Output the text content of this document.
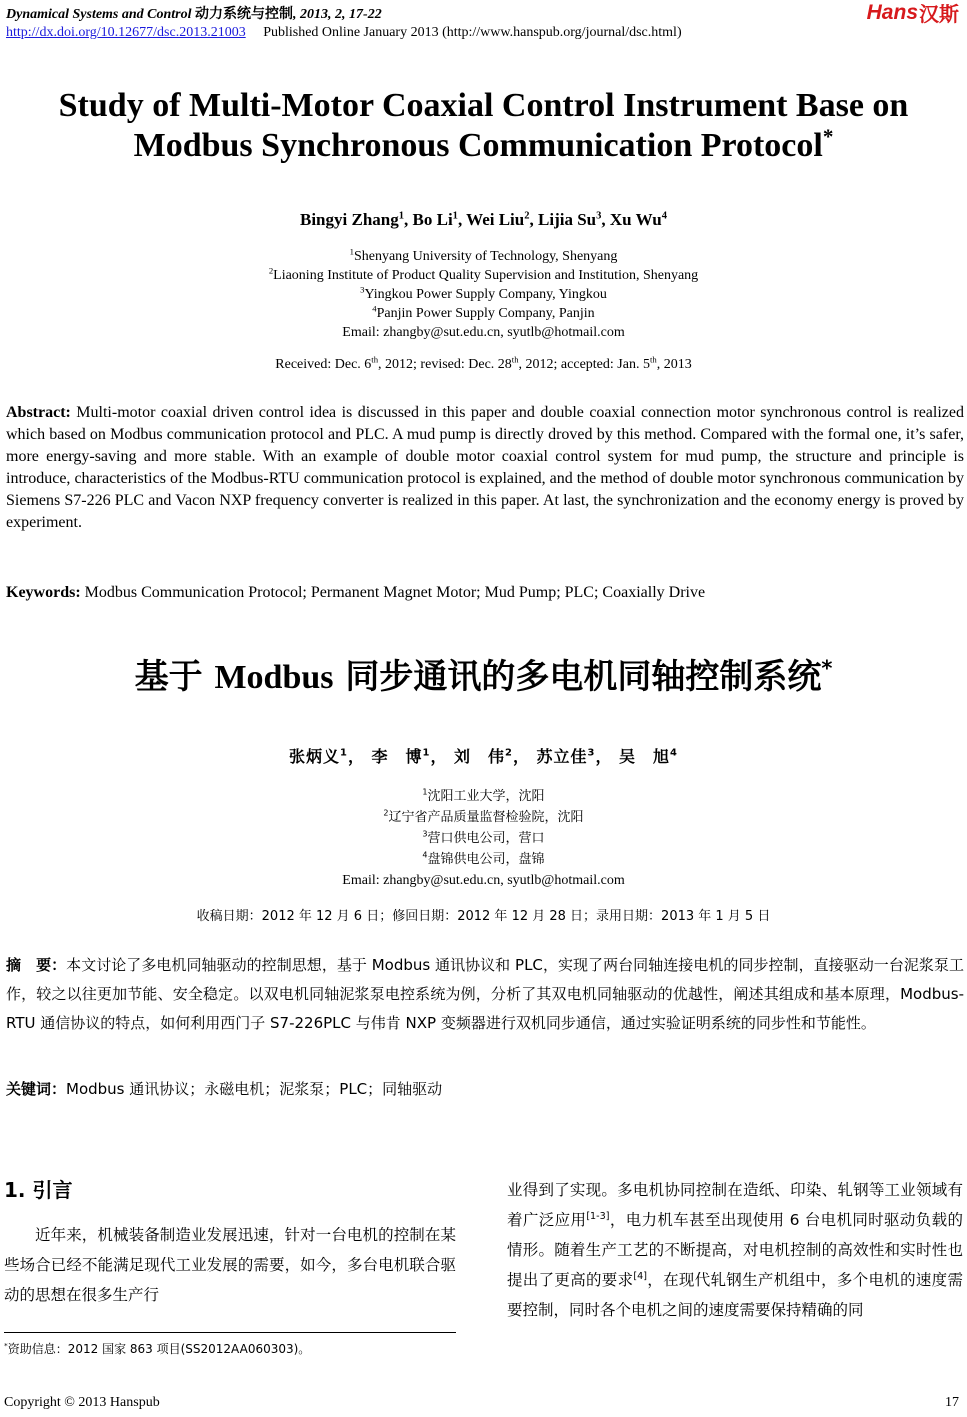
Dynamical Systems and Control 动力系统与控制, 2013, 2, 17-22
http://dx.doi.org/10.12677/dsc.2013.21003 Published Online January 2013 (http://www.hanspub.org/journal/dsc.html)
Hans 汉斯
Study of Multi-Motor Coaxial Control Instrument Base on
Modbus Synchronous Communication Protocol*
Bingyi Zhang$^1$, Bo Li$^1$, Wei Liu$^2$, Lijia Su$^3$, Xu Wu$^4$
$^1$Shenyang University of Technology, Shenyang
$^2$Liaoning Institute of Product Quality Supervision and Institution, Shenyang
$^3$Yingkou Power Supply Company, Yingkou
$^4$Panjin Power Supply Company, Panjin
Email: zhangby@sut.edu.cn, syutlb@hotmail.com
Received: Dec. 6th, 2012; revised: Dec. 28th, 2012; accepted: Jan. 5th, 2013
Abstract: Multi-motor coaxial driven control idea is discussed in this paper and double coaxial connection motor synchronous control is realized which based on Modbus communication protocol and PLC. A mud pump is directly droved by this method. Compared with the formal one, it’s safer, more energy-saving and more stable. With an example of double motor coaxial control system for mud pump, the structure and principle is introduce, characteristics of the Modbus-RTU communication protocol is explained, and the method of double motor synchronous communication by Siemens S7-226 PLC and Vacon NXP frequency converter is realized in this paper. At last, the synchronization and the economy energy is proved by experiment.
Keywords: Modbus Communication Protocol; Permanent Magnet Motor; Mud Pump; PLC; Coaxially Drive
基于 Modbus 同步通讯的多电机同轴控制系统*
张炳义$^1$， 李　博$^1$， 刘　伟$^2$， 苏立佳$^3$， 吴　旭$^4$
$^1$沈阳工业大学，沈阳
$^2$辽宁省产品质量监督检验院，沈阳
$^3$营口供电公司，营口
$^4$盘锦供电公司，盘锦
Email: zhangby@sut.edu.cn, syutlb@hotmail.com
收稿日期：2012 年 12 月 6 日；修回日期：2012 年 12 月 28 日；录用日期：2013 年 1 月 5 日
摘　要：本文讨论了多电机同轴驱动的控制思想，基于 Modbus 通讯协议和 PLC，实现了两台同轴连接电机的同步控制，直接驱动一台泥浆泵工作，较之以往更加节能、安全稳定。以双电机同轴泥浆泵电控系统为例，分析了其双电机同轴驱动的优越性，阐述其组成和基本原理，Modbus-RTU 通信协议的特点，如何利用西门子 S7-226PLC 与伟肯 NXP 变频器进行双机同步通信，通过实验证明系统的同步性和节能性。
关键词：Modbus 通讯协议；永磁电机；泥浆泵；PLC；同轴驱动
1. 引言
近年来，机械装备制造业发展迅速，针对一台电机的控制在某些场合已经不能满足现代工业发展的需要，如今，多台电机联合驱动的思想在很多生产行
业得到了实现。多电机协同控制在造纸、印染、轧钢等工业领域有着广泛应用[1-3]，电力机车甚至出现使用 6 台电机同时驱动负载的情形。随着生产工艺的不断提高，对电机控制的高效性和实时性也提出了更高的要求[4]，在现代轧钢生产机组中，多个电机的速度需要控制，同时各个电机之间的速度需要保持精确的同
*资助信息：2012 国家 863 项目(SS2012AA060303)。
Copyright © 2013 Hanspub	17
